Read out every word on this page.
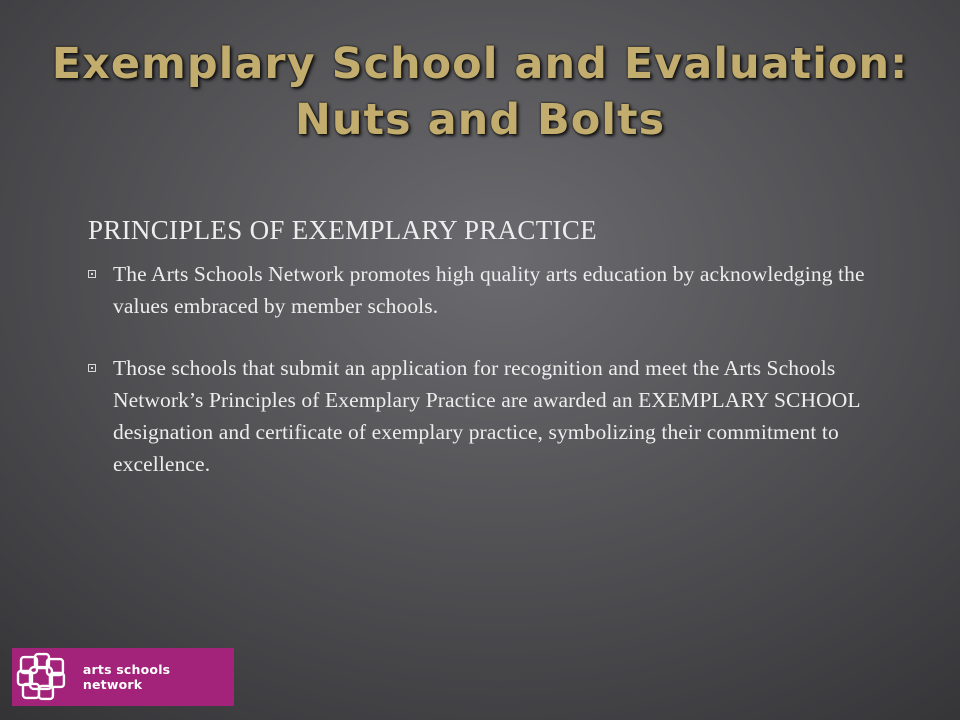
Exemplary School and Evaluation:
Nuts and Bolts
PRINCIPLES OF EXEMPLARY PRACTICE
The Arts Schools Network promotes high quality arts education by acknowledging the values embraced by member schools.
Those schools that submit an application for recognition and meet the Arts Schools Network’s Principles of Exemplary Practice are awarded an EXEMPLARY SCHOOL designation and certificate of exemplary practice, symbolizing their commitment to excellence.
arts schools network
